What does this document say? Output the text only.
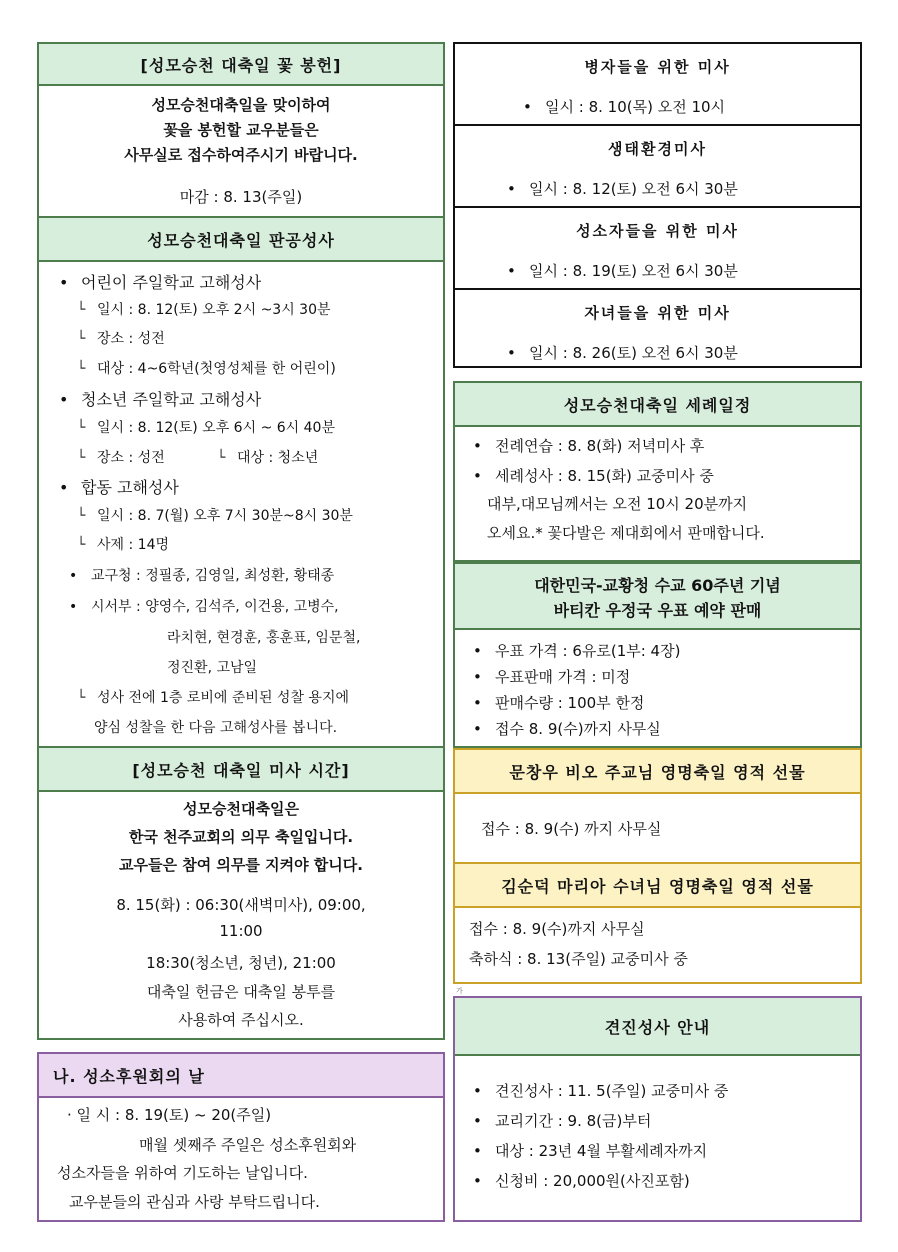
[성모승천 대축일 꽃 봉헌]
성모승천대축일을 맞이하여
꽃을 봉헌할 교우분들은
사무실로 접수하여주시기 바랍니다.
마감 : 8. 13(주일)
성모승천대축일 판공성사
• 어린이 주일학교 고해성사
└ 일시 : 8. 12(토) 오후 2시 ~3시 30분
└ 장소 : 성전
└ 대상 : 4~6학년(첫영성체를 한 어린이)
• 청소년 주일학교 고해성사
└ 일시 : 8. 12(토) 오후 6시 ~ 6시 40분
└ 장소 : 성전
└	대상 : 청소년
• 합동 고해성사
└ 일시 : 8. 7(월) 오후 7시 30분~8시 30분
└ 사제 : 14명
• 교구청 : 정필종, 김영일, 최성환, 황태종
• 시서부 : 양영수, 김석주, 이건용, 고병수,
라치현, 현경훈, 홍훈표, 임문철,
정진환, 고남일
└ 성사 전에 1층 로비에 준비된 성찰 용지에
양심 성찰을 한 다음 고해성사를 봅니다.
[성모승천 대축일 미사 시간]
성모승천대축일은
한국 천주교회의 의무 축일입니다.
교우들은 참여 의무를 지켜야 합니다.
8. 15(화) : 06:30(새벽미사), 09:00,
11:00
18:30(청소년, 청년), 21:00
대축일 헌금은 대축일 봉투를
사용하여 주십시오.
나. 성소후원회의 날
· 일 시 : 8. 19(토) ~ 20(주일)
매월 셋째주 주일은 성소후원회와
성소자들을 위하여 기도하는 날입니다.
교우분들의 관심과 사랑 부탁드립니다.
병자들을 위한 미사
• 일시 : 8. 10(목) 오전 10시
생태환경미사
• 일시 : 8. 12(토) 오전 6시 30분
성소자들을 위한 미사
• 일시 : 8. 19(토) 오전 6시 30분
자녀들을 위한 미사
• 일시 : 8. 26(토) 오전 6시 30분
성모승천대축일 세례일정
• 전례연습 : 8. 8(화) 저녁미사 후
• 세례성사 : 8. 15(화) 교중미사 중
대부,대모님께서는 오전 10시 20분까지
오세요.* 꽃다발은 제대회에서 판매합니다.
대한민국-교황청 수교 60주년 기념
바티칸 우정국 우표 예약 판매
• 우표 가격 : 6유로(1부: 4장)
• 우표판매 가격 : 미정
• 판매수량 : 100부 한정
• 접수 8. 9(수)까지 사무실
문창우 비오 주교님 영명축일 영적 선물
접수 : 8. 9(수) 까지 사무실
김순덕 마리아 수녀님 영명축일 영적 선물
접수 : 8. 9(수)까지 사무실
축하식 : 8. 13(주일) 교중미사 중
가
견진성사 안내
• 견진성사 : 11. 5(주일) 교중미사 중
• 교리기간 : 9. 8(금)부터
• 대상 : 23년 4월 부활세례자까지
• 신청비 : 20,000원(사진포함)
